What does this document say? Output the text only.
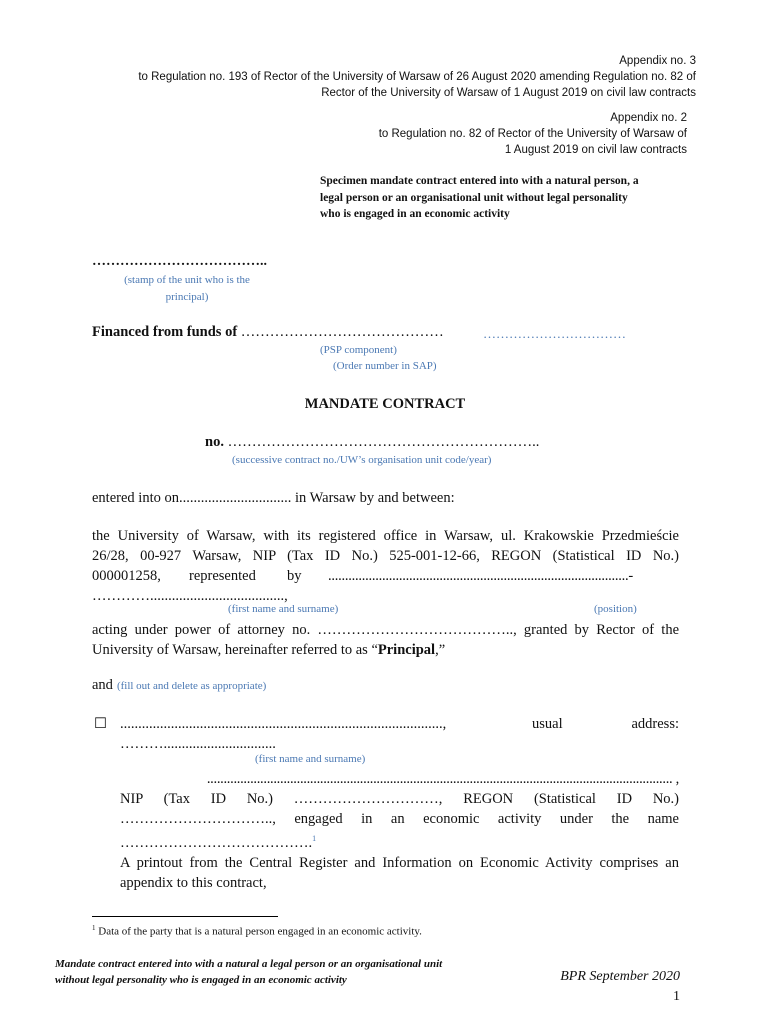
Appendix no. 3
to Regulation no. 193 of Rector of the University of Warsaw of 26 August 2020 amending Regulation no. 82 of
Rector of the University of Warsaw of 1 August 2019 on civil law contracts
Appendix no. 2
to Regulation no. 82 of Rector of the University of Warsaw of
1 August 2019 on civil law contracts
Specimen mandate contract entered into with a natural person, a
legal person or an organisational unit without legal personality
who is engaged in an economic activity
………………………………..
(stamp of the unit who is the
principal)
Financed from funds of ……………………………………	……………………………
(PSP component)
(Order number in SAP)
MANDATE CONTRACT
no. ………………………………………………………..
(successive contract no./UW’s organisation unit code/year)
entered into on............................... in Warsaw by and between:
the University of Warsaw, with its registered office in Warsaw, ul. Krakowskie Przedmieście
26/28, 00-927 Warsaw, NIP (Tax ID No.) 525-001-12-66, REGON (Statistical ID No.)
000001258, represented by .........................................................................................-
………….....................................,
(first name and surname)	(position)
acting under power of attorney no. ………………………………….., granted by Rector of the
University of Warsaw, hereinafter referred to as “Principal,”
and (fill out and delete as appropriate)
☐ .........................................................................................,	usual	address:
………...............................
(first name and surname)
............................................................................................................................................ ,
NIP (Tax ID No.) …………………………, REGON (Statistical ID No.)
………………………….., engaged in an economic activity under the name
………………………………….$^1$
A printout from the Central Register and Information on Economic Activity comprises an
appendix to this contract,
$^1$ Data of the party that is a natural person engaged in an economic activity.
Mandate contract entered into with a natural a legal person or an organisational unit
without legal personality who is engaged in an economic activity	BPR September 2020
1
